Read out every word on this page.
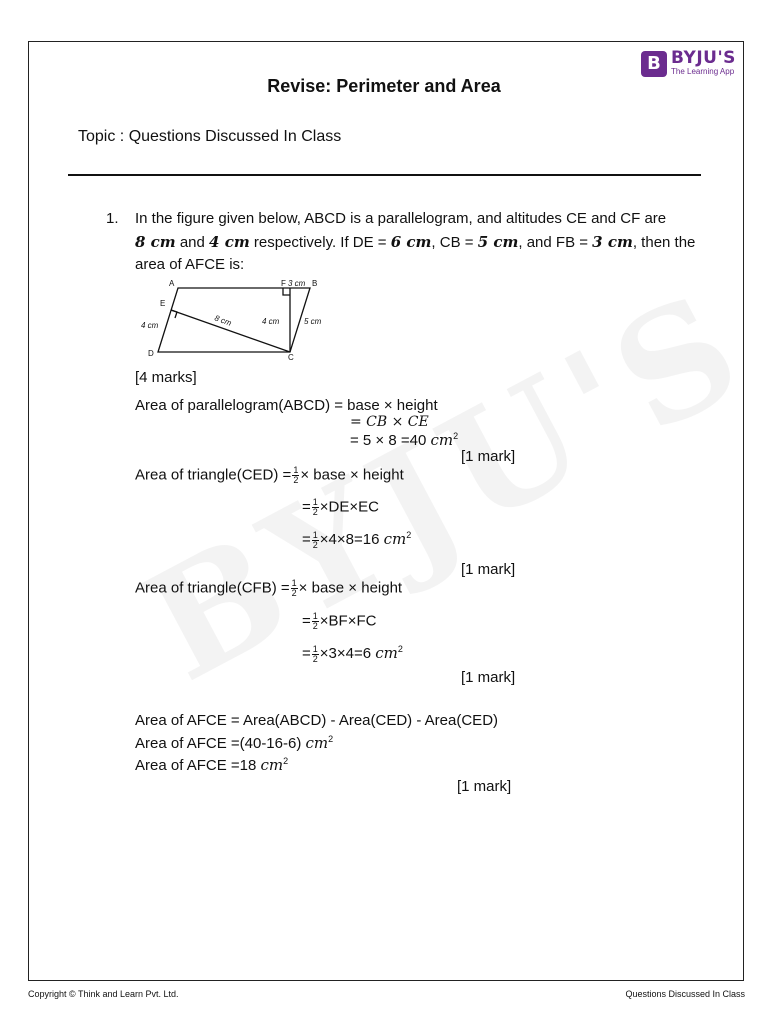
B BYJU'S
The Learning App
Revise: Perimeter and Area
Topic : Questions Discussed In Class
1. In the figure given below, ABCD is a parallelogram, and altitudes CE and CF are
8 cm and 4 cm respectively. If DE = 6 cm, CB = 5 cm, and FB = 3 cm, then the
area of AFCE is:
A	F 3 cm B
E
8 cm	4 cm	5 cm
4 cm
D	C
[4 marks]
Area of parallelogram(ABCD) = base × height
= CB × CE
= 5 × 8 =40 $cm^2$
[1 mark]
Area of triangle(CED) = $\frac{1}{2}$ × base × height
= $\frac{1}{2} \times DE\times EC$
= $\frac{1}{2} \times 4\times 8=16$ $cm^2$
[1 mark]
Area of triangle(CFB) = $\frac{1}{2}$ × base × height
= $\frac{1}{2} \times BF\times FC$
= $\frac{1}{2} \times 3\times 4=6$ $cm^2$
[1 mark]
Area of AFCE = Area(ABCD) - Area(CED) - Area(CED)
Area of AFCE =(40-16-6) $cm^2$
Area of AFCE =18 $cm^2$
[1 mark]
Copyright © Think and Learn Pvt. Ltd.	Questions Discussed In Class
